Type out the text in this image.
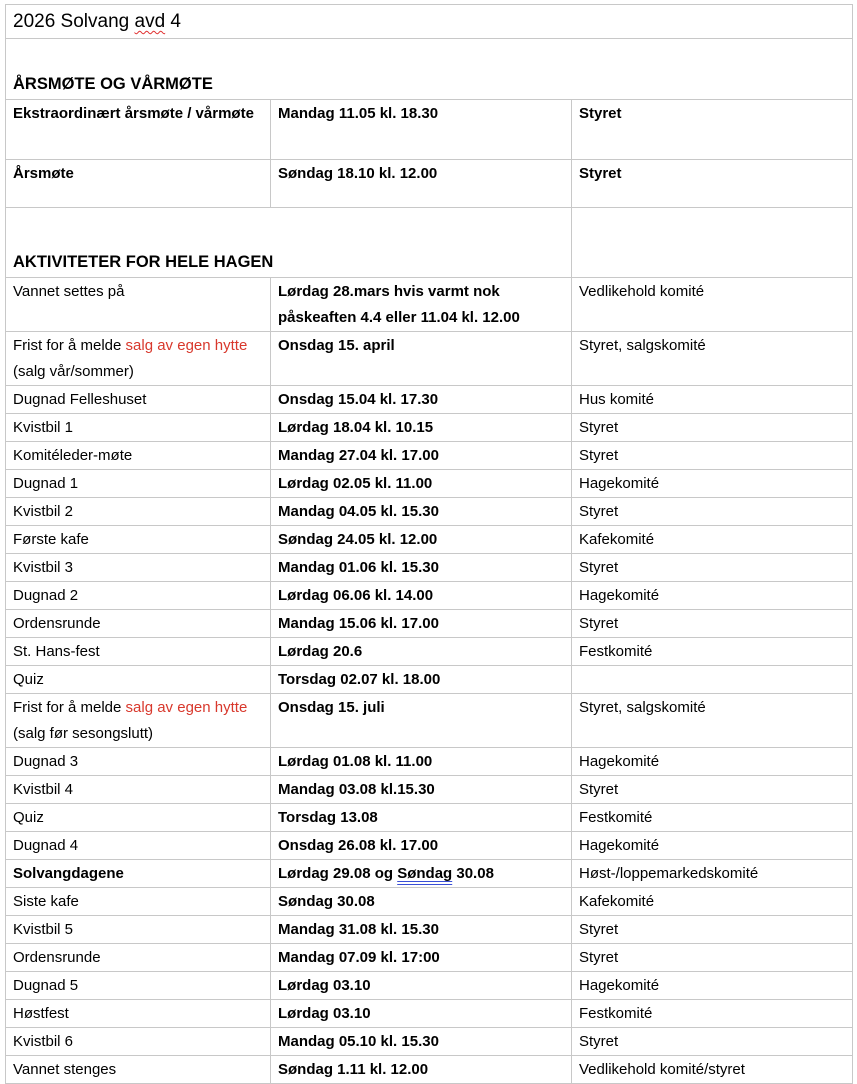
2026 Solvang avd 4		
ÅRSMØTE OG VÅRMØTE		
Ekstraordinært årsmøte / vårmøte	Mandag 11.05 kl. 18.30	Styret
Årsmøte	Søndag 18.10 kl. 12.00	Styret
AKTIVITETER FOR HELE HAGEN		
Vannet settes på	Lørdag 28.mars hvis varmt nok påskeaften 4.4 eller 11.04 kl. 12.00	Vedlikehold komité
Frist for å melde salg av egen hytte (salg vår/sommer)	Onsdag 15. april	Styret, salgskomité
Dugnad Felleshuset	Onsdag 15.04 kl. 17.30	Hus komité
Kvistbil 1	Lørdag 18.04 kl. 10.15	Styret
Komitéleder-møte	Mandag 27.04 kl. 17.00	Styret
Dugnad 1	Lørdag 02.05 kl. 11.00	Hagekomité
Kvistbil 2	Mandag 04.05 kl. 15.30	Styret
Første kafe	Søndag 24.05 kl. 12.00	Kafekomité
Kvistbil 3	Mandag 01.06 kl. 15.30	Styret
Dugnad 2	Lørdag 06.06 kl. 14.00	Hagekomité
Ordensrunde	Mandag 15.06 kl. 17.00	Styret
St. Hans-fest	Lørdag 20.6	Festkomité
Quiz	Torsdag 02.07 kl. 18.00	
Frist for å melde salg av egen hytte (salg før sesongslutt)	Onsdag 15. juli	Styret, salgskomité
Dugnad 3	Lørdag 01.08 kl. 11.00	Hagekomité
Kvistbil 4	Mandag 03.08 kl.15.30	Styret
Quiz	Torsdag 13.08	Festkomité
Dugnad 4	Onsdag 26.08 kl. 17.00	Hagekomité
Solvangdagene	Lørdag 29.08 og Søndag 30.08	Høst-/loppemarkedskomité
Siste kafe	Søndag 30.08	Kafekomité
Kvistbil 5	Mandag 31.08 kl. 15.30	Styret
Ordensrunde	Mandag 07.09 kl. 17:00	Styret
Dugnad 5	Lørdag 03.10	Hagekomité
Høstfest	Lørdag 03.10	Festkomité
Kvistbil 6	Mandag 05.10 kl. 15.30	Styret
Vannet stenges	Søndag 1.11 kl. 12.00	Vedlikehold komité/styret
